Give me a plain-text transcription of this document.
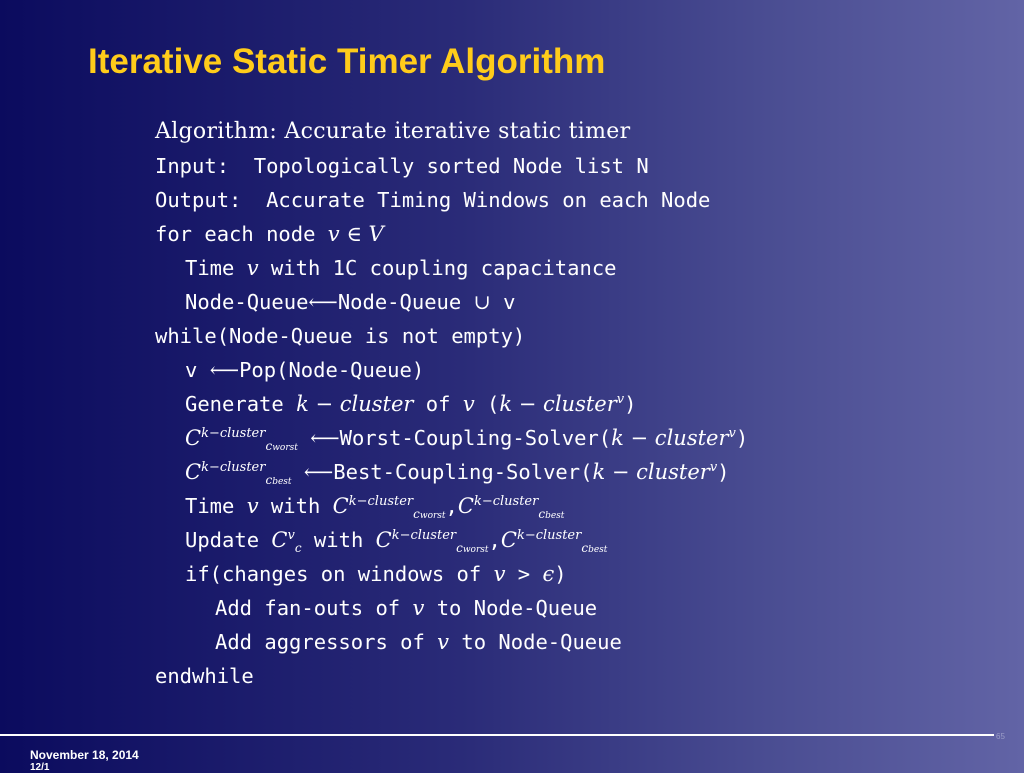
Iterative Static Timer Algorithm
Algorithm: Accurate iterative static timer
Input:  Topologically sorted Node list N
Output:  Accurate Timing Windows on each Node
for each node v ∈ V
Time v with 1C coupling capacitance
Node-Queue⟵Node-Queue ∪ v
while(Node-Queue is not empty)
v ⟵Pop(Node-Queue)
Generate k − cluster of v (k − cluster$^v$)
$C^{k-cluster}_{cworst}$ ⟵Worst-Coupling-Solver(k − cluster$^v$)
$C^{k-cluster}_{cbest}$ ⟵Best-Coupling-Solver(k − cluster$^v$)
Time v with $C^{k-cluster}_{cworst},C^{k-cluster}_{cbest}$
Update $C^v_c$ with $C^{k-cluster}_{cworst},C^{k-cluster}_{cbest}$
if(changes on windows of v > ϵ)
Add fan-outs of v to Node-Queue
Add aggressors of v to Node-Queue
endwhile
November 18, 2014
12/1
65
